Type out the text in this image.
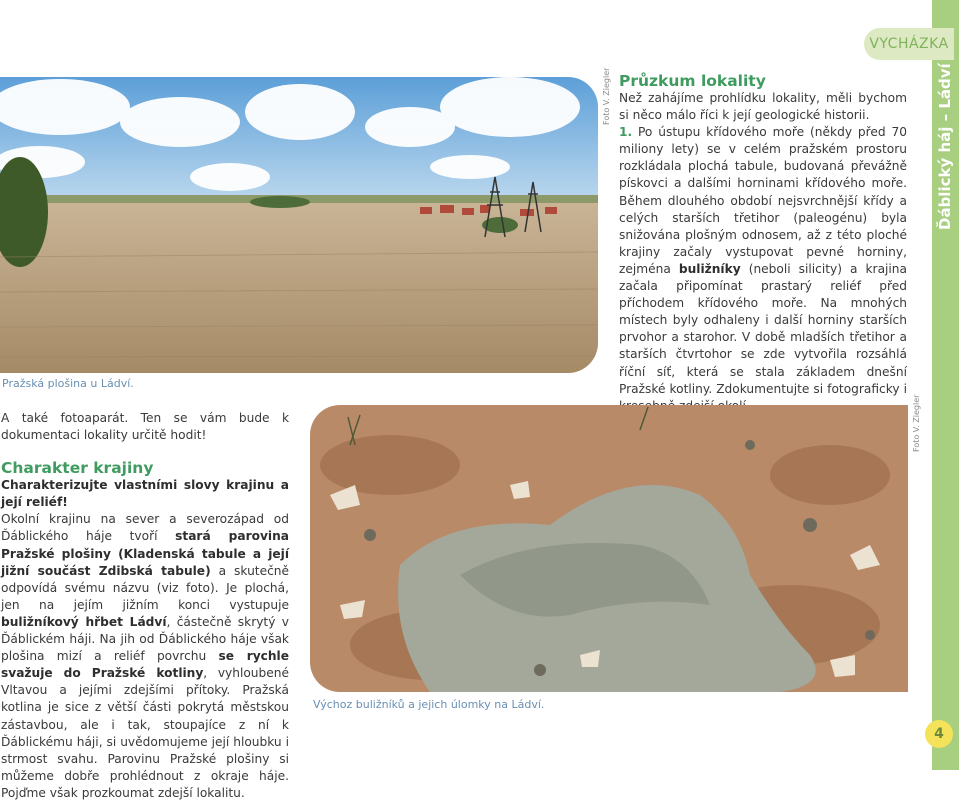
Ďáblický háj – Ládví
VYCHÁZKA
4
Pražská plošina u Ládví.
Foto V. Ziegler Průzkum lokality

Než zahájíme prohlídku lokality, měli bychom si něco málo říci k její geologické historii.

1. Po ústupu křídového moře (někdy před 70 miliony lety) se v celém pražském prostoru rozkládala plochá tabule, budovaná převážně pískovci a dalšími horninami křídového moře. Během dlouhého období nejsvrchnější křídy a celých starších třetihor (paleogénu) byla snižována plošným odnosem, až z této ploché krajiny začaly vystupovat pevné horniny, zejména buližníky (neboli silicity) a krajina začala připomínat prastarý reliéf před příchodem křídového moře. Na mnohých místech byly odhaleny i další horniny starších prvohor a starohor. V době mladších třetihor a starších čtvrtohor se zde vytvořila rozsáhlá říční síť, která se stala základem dnešní Pražské kotliny. Zdokumentujte si fotograficky i

Výchoz buližníků a jejich úlomky na Ládví.
Foto V. Ziegler

A také fotoaparát. Ten se vám bude k dokumentaci lokality určitě hodit!

Charakter krajiny

Charakterizujte vlastními slovy krajinu a její reliéf!

Okolní krajinu na sever a severozápad od Ďáblického háje tvoří stará parovina Pražské plošiny (Kladenská tabule a její jižní součást Zdibská tabule) a skutečně odpovídá svému názvu (viz foto). Je plochá, jen na jejím jižním konci vystupuje buližníkový hřbet Ládví, částečně skrytý v Ďáblickém háji. Na jih od Ďáblického háje však plošina mizí a reliéf povrchu se rychle svažuje do Pražské kotliny, vyhloubené Vltavou a jejími zdejšími přítoky. Pražská kotlina je sice z větší části pokrytá městskou zástavbou, ale i tak, stoupajíce z ní k Ďáblickému háji, si uvědomujeme její hloubku i strmost svahu. Parovinu Pražské plošiny si můžeme dobře prohlédnout z okraje háje. Pojďme však prozkoumat zdejší lokalitu.
